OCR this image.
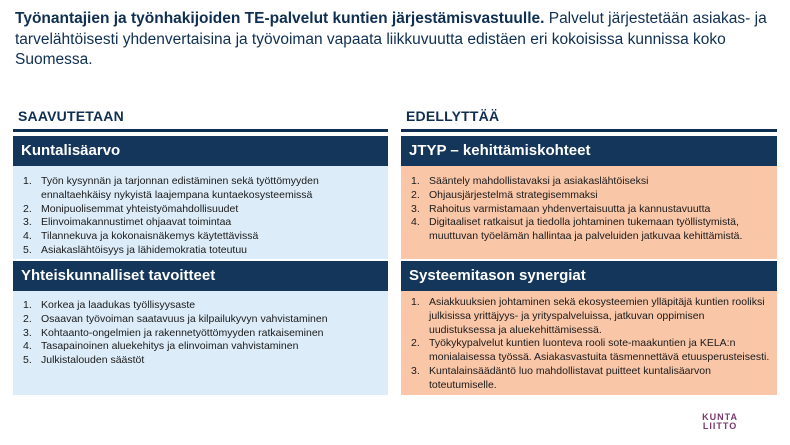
Työnantajien ja työnhakijoiden TE-palvelut kuntien järjestämisvastuulle. Palvelut järjestetään asiakas- ja tarvelähtöisesti yhdenvertaisina ja työvoiman vapaata liikkuvuutta edistäen eri kokoisissa kunnissa koko Suomessa.
SAAVUTETAAN
Kuntalisäarvo
Työn kysynnän ja tarjonnan edistäminen sekä työttömyyden ennaltaehkäisy nykyistä laajempana kuntaekosysteemissä
Monipuolisemmat yhteistyömahdollisuudet
Elinvoimakannustimet ohjaavat toimintaa
Tilannekuva ja kokonaisnäkemys käytettävissä
Asiakaslähtöisyys ja lähidemokratia toteutuu
Yhteiskunnalliset tavoitteet
Korkea ja laadukas työllisyysaste
Osaavan työvoiman saatavuus ja kilpailukyvyn vahvistaminen
Kohtaanto-ongelmien ja rakennetyöttömyyden ratkaiseminen
Tasapainoinen aluekehitys ja elinvoiman vahvistaminen
Julkistalouden säästöt
EDELLYTTÄÄ
JTYP – kehittämiskohteet
Sääntely mahdollistavaksi ja asiakaslähtöiseksi
Ohjausjärjestelmä strategisemmaksi
Rahoitus varmistamaan yhdenvertaisuutta ja kannustavuutta
Digitaaliset ratkaisut ja tiedolla johtaminen tukemaan työllistymistä, muuttuvan työelämän hallintaa ja palveluiden jatkuvaa kehittämistä.
Systeemitason synergiat
Asiakkuuksien johtaminen sekä ekosysteemien ylläpitäjä kuntien rooliksi julkisissa yrittäjyys- ja yrityspalveluissa, jatkuvan oppimisen uudistuksessa ja aluekehittämisessä.
Työkykypalvelut kuntien luonteva rooli sote-maakuntien ja KELA:n monialaisessa työssä. Asiakasvastuita täsmennettävä etuusperusteisesti.
Kuntalainsäädäntö luo mahdollistavat puitteet kuntalisäarvon toteutumiselle.
KUNTA
LIITTO
